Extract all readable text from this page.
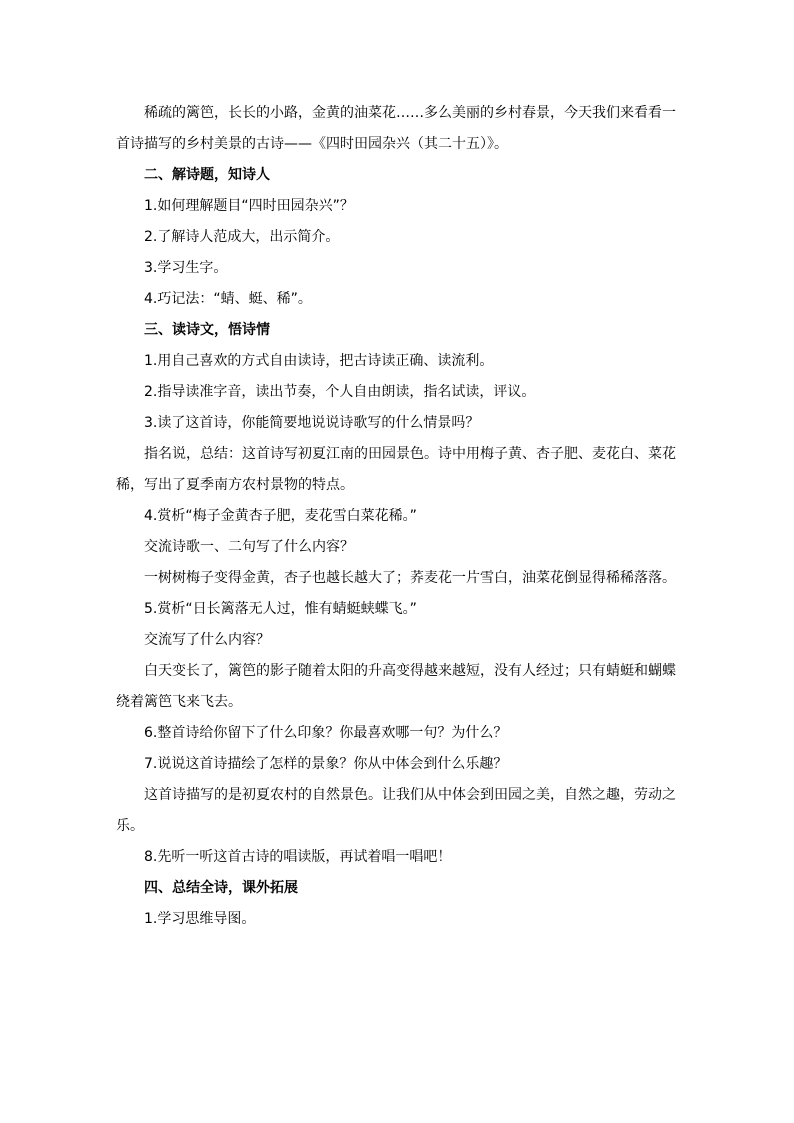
稀疏的篱笆，长长的小路，金黄的油菜花……多么美丽的乡村春景，今天我们来看看一首诗描写的乡村美景的古诗——《四时田园杂兴（其二十五）》。

二、解诗题，知诗人

1.如何理解题目“四时田园杂兴”？

2.了解诗人范成大，出示简介。

3.学习生字。

4.巧记法：“蜻、蜓、稀”。

三、读诗文，悟诗情

1.用自己喜欢的方式自由读诗，把古诗读正确、读流利。

2.指导读准字音，读出节奏，个人自由朗读，指名试读，评议。

3.读了这首诗，你能简要地说说诗歌写的什么情景吗？

指名说，总结：这首诗写初夏江南的田园景色。诗中用梅子黄、杏子肥、麦花白、菜花稀，写出了夏季南方农村景物的特点。

4.赏析“梅子金黄杏子肥，麦花雪白菜花稀。”

交流诗歌一、二句写了什么内容？

一树树梅子变得金黄，杏子也越长越大了；荞麦花一片雪白，油菜花倒显得稀稀落落。

5.赏析“日长篱落无人过，惟有蜻蜓蛱蝶飞。”

交流写了什么内容？

白天变长了，篱笆的影子随着太阳的升高变得越来越短，没有人经过；只有蜻蜓和蝴蝶绕着篱笆飞来飞去。

6.整首诗给你留下了什么印象？你最喜欢哪一句？为什么？

7.说说这首诗描绘了怎样的景象？你从中体会到什么乐趣？

这首诗描写的是初夏农村的自然景色。让我们从中体会到田园之美，自然之趣，劳动之乐。

8.先听一听这首古诗的唱读版，再试着唱一唱吧！

四、总结全诗，课外拓展

1.学习思维导图。
